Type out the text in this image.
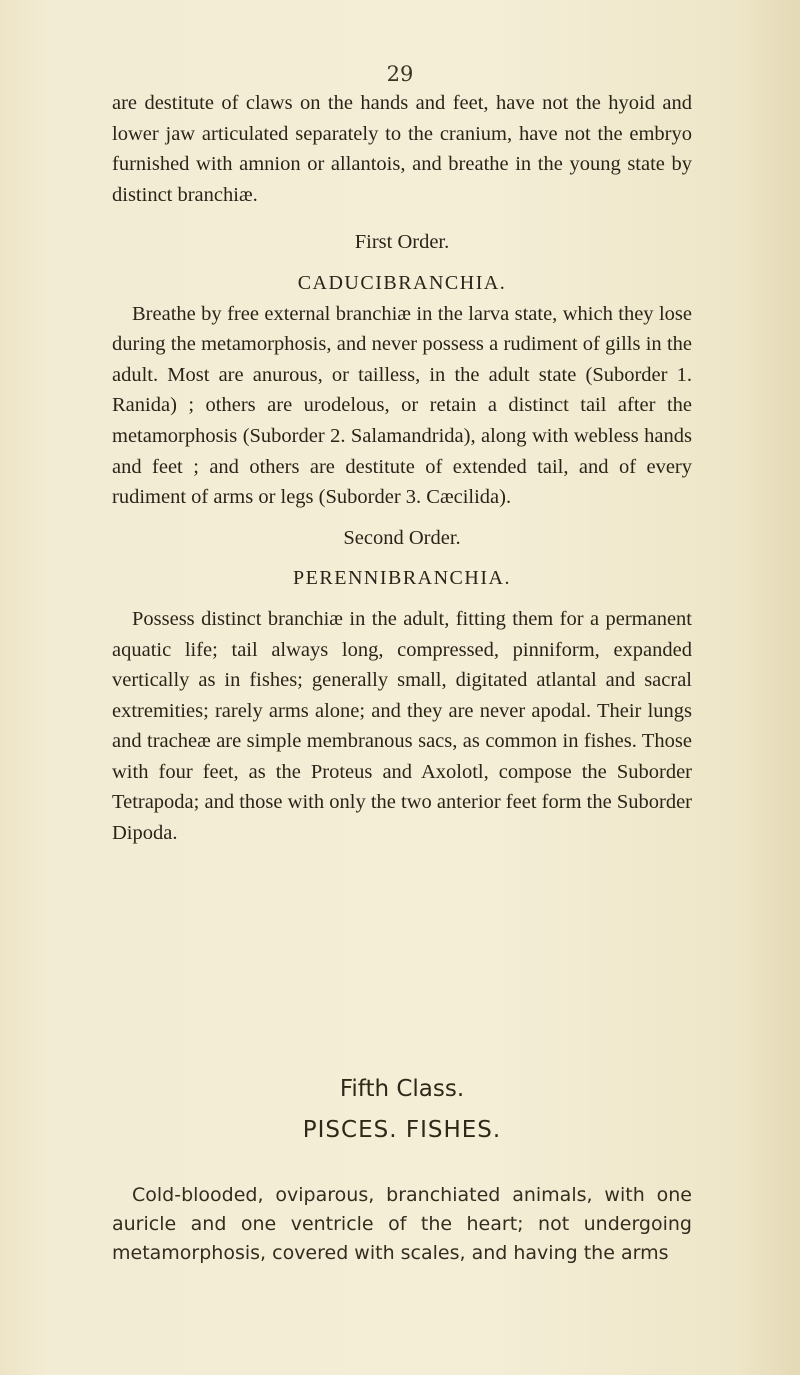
29

are destitute of claws on the hands and feet, have not the hyoid and lower jaw articulated separately to the cranium, have not the embryo furnished with amnion or allantois, and breathe in the young state by distinct branchiæ.

First Order.

CADUCIBRANCHIA.

Breathe by free external branchiæ in the larva state, which they lose during the metamorphosis, and never possess a rudiment of gills in the adult. Most are anurous, or tailless, in the adult state (Suborder 1. Ranida) ; others are urodelous, or retain a distinct tail after the metamorphosis (Suborder 2. Salamandrida), along with webless hands and feet ; and others are destitute of extended tail, and of every rudiment of arms or legs (Suborder 3. Cæcilida).

Second Order.

PERENNIBRANCHIA.

Possess distinct branchiæ in the adult, fitting them for a permanent aquatic life; tail always long, compressed, pinniform, expanded vertically as in fishes; generally small, digitated atlantal and sacral extremities; rarely arms alone; and they are never apodal. Their lungs and tracheæ are simple membranous sacs, as common in fishes. Those with four feet, as the Proteus and Axolotl, compose the Suborder Tetrapoda; and those with only the two anterior feet form the Suborder Dipoda.

Fifth Class.
PISCES. FISHES.

Cold-blooded, oviparous, branchiated animals, with one auricle and one ventricle of the heart; not undergoing metamorphosis, covered with scales, and having the arms
